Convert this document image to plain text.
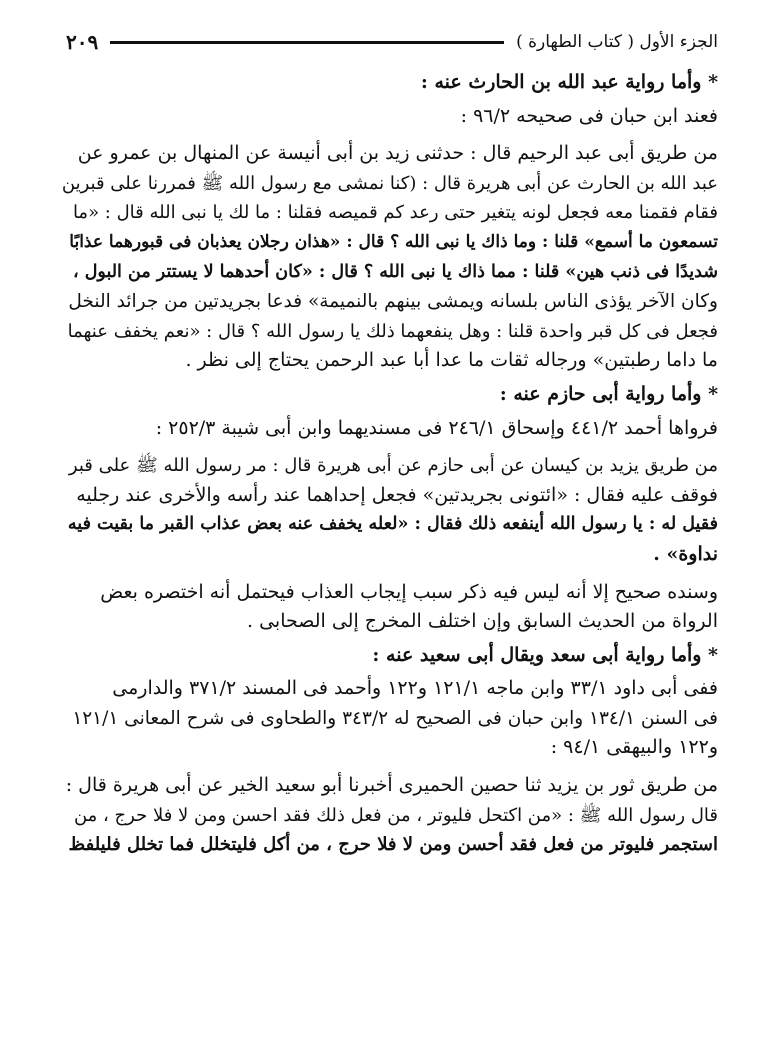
الجزء الأول ( كتاب الطهارة )
٢٠٩
* وأما رواية عبد الله بن الحارث عنه :
فعند ابن حبان فى صحيحه ٩٦/٢ :
من طريق أبى عبد الرحيم قال : حدثنى زيد بن أبى أنيسة عن المنهال بن عمرو عن
عبد الله بن الحارث عن أبى هريرة قال : (كنا نمشى مع رسول الله ﷺ فمررنا على قبرين
فقام فقمنا معه فجعل لونه يتغير حتى رعد كم قميصه فقلنا : ما لك يا نبى الله قال : «ما
تسمعون ما أسمع» قلنا : وما ذاك يا نبى الله ؟ قال : «هذان رجلان يعذبان فى قبورهما عذابًا
شديدًا فى ذنب هين» قلنا : مما ذاك يا نبى الله ؟ قال : «كان أحدهما لا يستتر من البول ،
وكان الآخر يؤذى الناس بلسانه ويمشى بينهم بالنميمة» فدعا بجريدتين من جرائد النخل
فجعل فى كل قبر واحدة قلنا : وهل ينفعهما ذلك يا رسول الله ؟ قال : «نعم يخفف عنهما
ما داما رطبتين» ورجاله ثقات ما عدا أبا عبد الرحمن يحتاج إلى نظر .
* وأما رواية أبى حازم عنه :
فرواها أحمد ٤٤١/٢ وإسحاق ٢٤٦/١ فى مسنديهما وابن أبى شيبة ٢٥٢/٣ :
من طريق يزيد بن كيسان عن أبى حازم عن أبى هريرة قال : مر رسول الله ﷺ على قبر
فوقف عليه فقال : «ائتونى بجريدتين» فجعل إحداهما عند رأسه والأخرى عند رجليه
فقيل له : يا رسول الله أينفعه ذلك فقال : «لعله يخفف عنه بعض عذاب القبر ما بقيت فيه
نداوة» .
وسنده صحيح إلا أنه ليس فيه ذكر سبب إيجاب العذاب فيحتمل أنه اختصره بعض
الرواة من الحديث السابق وإن اختلف المخرج إلى الصحابى .
* وأما رواية أبى سعد ويقال أبى سعيد عنه :
ففى أبى داود ٣٣/١ وابن ماجه ١٢١/١ و١٢٢ وأحمد فى المسند ٣٧١/٢ والدارمى
فى السنن ١٣٤/١ وابن حبان فى الصحيح له ٣٤٣/٢ والطحاوى فى شرح المعانى ١٢١/١
و١٢٢ والبيهقى ٩٤/١ :
من طريق ثور بن يزيد ثنا حصين الحميرى أخبرنا أبو سعيد الخير عن أبى هريرة قال :
قال رسول الله ﷺ : «من اكتحل فليوتر ، من فعل ذلك فقد احسن ومن لا فلا حرج ، من
استجمر فليوتر من فعل فقد أحسن ومن لا فلا حرج ، من أكل فليتخلل فما تخلل فليلفظ
